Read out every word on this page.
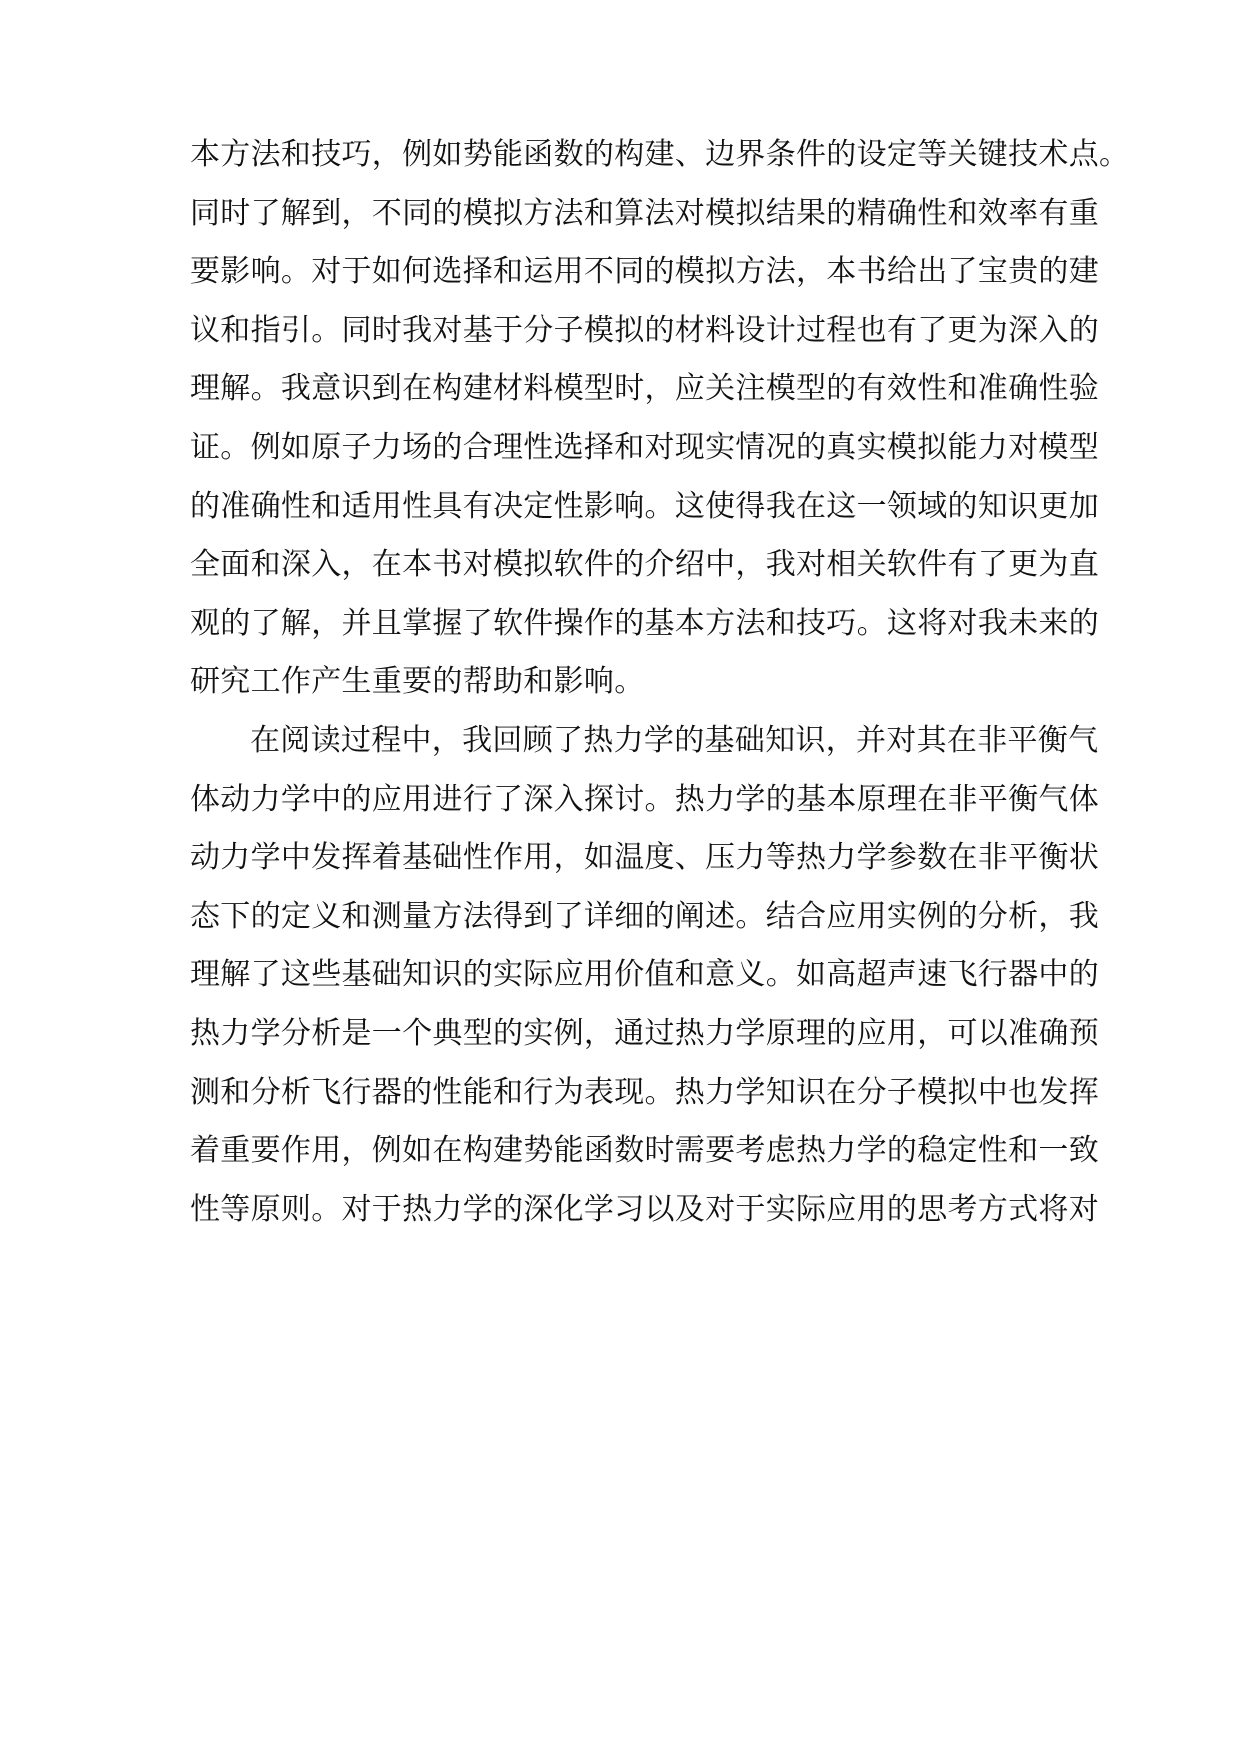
本方法和技巧，例如势能函数的构建、边界条件的设定等关键技术点。
同时了解到，不同的模拟方法和算法对模拟结果的精确性和效率有重
要影响。对于如何选择和运用不同的模拟方法，本书给出了宝贵的建
议和指引。同时我对基于分子模拟的材料设计过程也有了更为深入的
理解。我意识到在构建材料模型时，应关注模型的有效性和准确性验
证。例如原子力场的合理性选择和对现实情况的真实模拟能力对模型
的准确性和适用性具有决定性影响。这使得我在这一领域的知识更加
全面和深入，在本书对模拟软件的介绍中，我对相关软件有了更为直
观的了解，并且掌握了软件操作的基本方法和技巧。这将对我未来的
研究工作产生重要的帮助和影响。
在阅读过程中，我回顾了热力学的基础知识，并对其在非平衡气
体动力学中的应用进行了深入探讨。热力学的基本原理在非平衡气体
动力学中发挥着基础性作用，如温度、压力等热力学参数在非平衡状
态下的定义和测量方法得到了详细的阐述。结合应用实例的分析，我
理解了这些基础知识的实际应用价值和意义。如高超声速飞行器中的
热力学分析是一个典型的实例，通过热力学原理的应用，可以准确预
测和分析飞行器的性能和行为表现。热力学知识在分子模拟中也发挥
着重要作用，例如在构建势能函数时需要考虑热力学的稳定性和一致
性等原则。对于热力学的深化学习以及对于实际应用的思考方式将对
